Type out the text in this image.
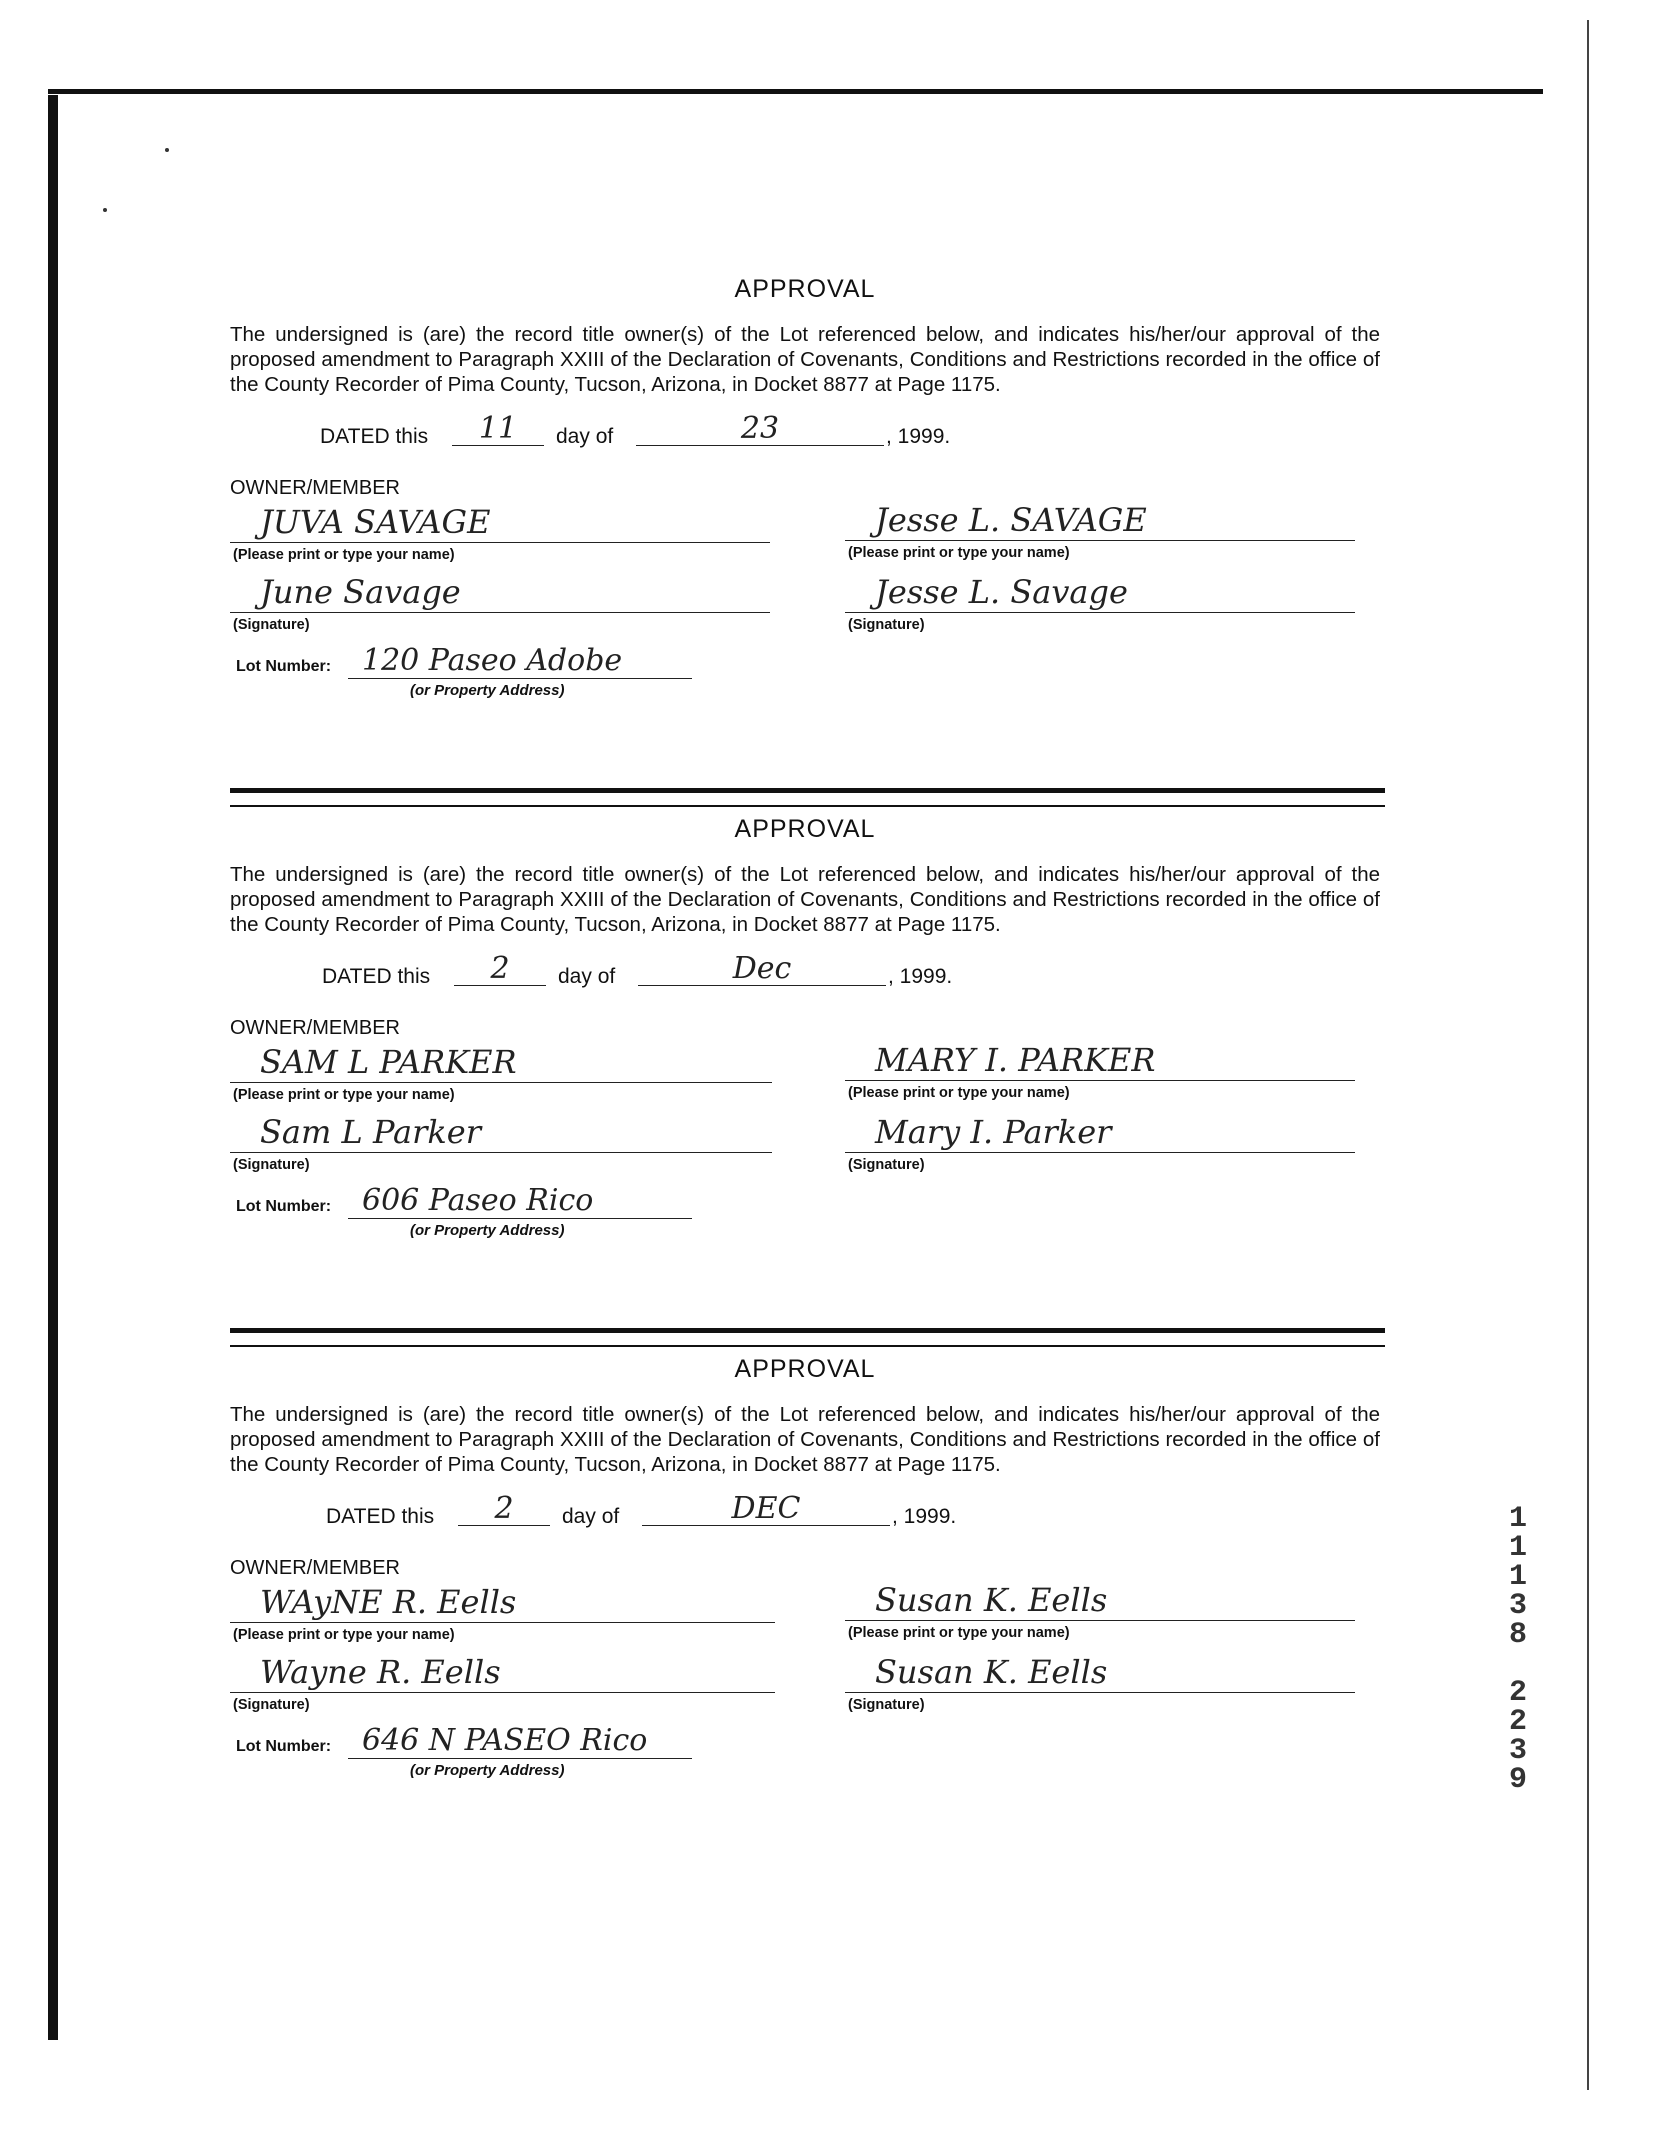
APPROVAL

The undersigned is (are) the record title owner(s) of the Lot referenced below, and indicates his/her/our approval of the proposed amendment to Paragraph XXIII of the Declaration of Covenants, Conditions and Restrictions recorded in the office of the County Recorder of Pima County, Tucson, Arizona, in Docket 8877 at Page 1175.

DATED this	11	day of	23	, 1999.
OWNER/MEMBER
JUVA SAVAGE
(Please print or type your name)
Jesse L. SAVAGE
(Please print or type your name)
June Savage
(Signature)
Jesse L. Savage
(Signature)
Lot Number:	120 Paseo Adobe
(or Property Address)

APPROVAL

The undersigned is (are) the record title owner(s) of the Lot referenced below, and indicates his/her/our approval of the proposed amendment to Paragraph XXIII of the Declaration of Covenants, Conditions and Restrictions recorded in the office of the County Recorder of Pima County, Tucson, Arizona, in Docket 8877 at Page 1175.

DATED this	2	day of	Dec	, 1999.
OWNER/MEMBER
SAM L PARKER
(Please print or type your name)
MARY I. PARKER
(Please print or type your name)
Sam L Parker
(Signature)
Mary I. Parker
(Signature)
Lot Number:	606 Paseo Rico
(or Property Address)

APPROVAL

The undersigned is (are) the record title owner(s) of the Lot referenced below, and indicates his/her/our approval of the proposed amendment to Paragraph XXIII of the Declaration of Covenants, Conditions and Restrictions recorded in the office of the County Recorder of Pima County, Tucson, Arizona, in Docket 8877 at Page 1175.

DATED this	2	day of	DEC	, 1999.
OWNER/MEMBER
WAyNE R. Eells
(Please print or type your name)
Susan K. Eells
(Please print or type your name)
Wayne R. Eells
(Signature)
Susan K. Eells
(Signature)
Lot Number:	646 N PASEO Rico
(or Property Address)
1
1
1
3
8
2
2
3
9
